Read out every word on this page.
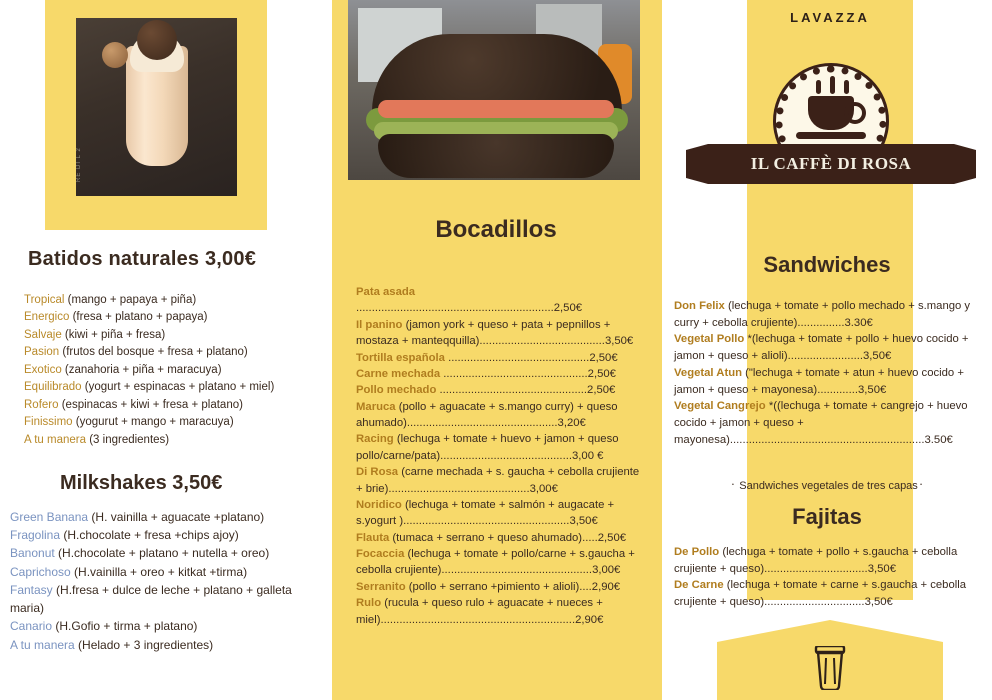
RE DI L 2
Batidos naturales 3,00€
Tropical (mango + papaya + piña)
Energico (fresa + platano + papaya)
Salvaje (kiwi + piña + fresa)
Pasion (frutos del bosque + fresa + platano)
Exotico (zanahoria + piña + maracuya)
Equilibrado (yogurt + espinacas + platano + miel)
Rofero (espinacas + kiwi + fresa + platano)
Finissimo (yogurut + mango + maracuya)
A tu manera (3 ingredientes)
Milkshakes 3,50€
Green Banana (H. vainilla + aguacate +platano)
Fragolina (H.chocolate + fresa +chips ajoy)
Banonut (H.chocolate + platano + nutella + oreo)
Caprichoso (H.vainilla + oreo + kitkat +tirma)
Fantasy (H.fresa + dulce de leche + platano + galleta maria)
Canario (H.Gofio + tirma + platano)
A tu manera (Helado + 3 ingredientes)
Bocadillos
Pata asada ...............................................................2,50€
Il panino (jamon york + queso + pata + pepnillos + mostaza + manteqquilla)........................................3,50€
Tortilla española .............................................2,50€
Carne mechada ..............................................2,50€
Pollo mechado ...............................................2,50€
Maruca (pollo + aguacate + s.mango curry) + queso ahumado)................................................3,20€
Racing (lechuga + tomate + huevo + jamon + queso pollo/carne/pata)..........................................3,00 €
Di Rosa (carne mechada + s. gaucha + cebolla crujiente + brie).............................................3,00€
Noridico (lechuga + tomate + salmón + augacate + s.yogurt ).....................................................3,50€
Flauta (tumaca + serrano + queso ahumado).....2,50€
Focaccia (lechuga + tomate + pollo/carne + s.gaucha + cebolla crujiente)................................................3,00€
Serranito (pollo + serrano +pimiento + alioli)....2,90€
Rulo (rucula + queso rulo + aguacate + nueces + miel)..............................................................2,90€
LAVAZZA
IL CAFFÈ DI ROSA
Sandwiches
Don Felix (lechuga + tomate + pollo mechado + s.mango y curry + cebolla crujiente)...............3.30€
Vegetal Pollo *(lechuga + tomate + pollo + huevo cocido + jamon + queso + alioli)........................3,50€
Vegetal Atun ("lechuga + tomate + atun + huevo cocido + jamon + queso + mayonesa).............3,50€
Vegetal Cangrejo *((lechuga + tomate + cangrejo + huevo cocido + jamon + queso + mayonesa)..............................................................3.50€
᛫ Sandwiches vegetales de tres capas᛫
Fajitas
De Pollo (lechuga + tomate + pollo + s.gaucha + cebolla crujiente + queso).................................3,50€
De Carne (lechuga + tomate + carne + s.gaucha + cebolla crujiente + queso)................................3,50€
